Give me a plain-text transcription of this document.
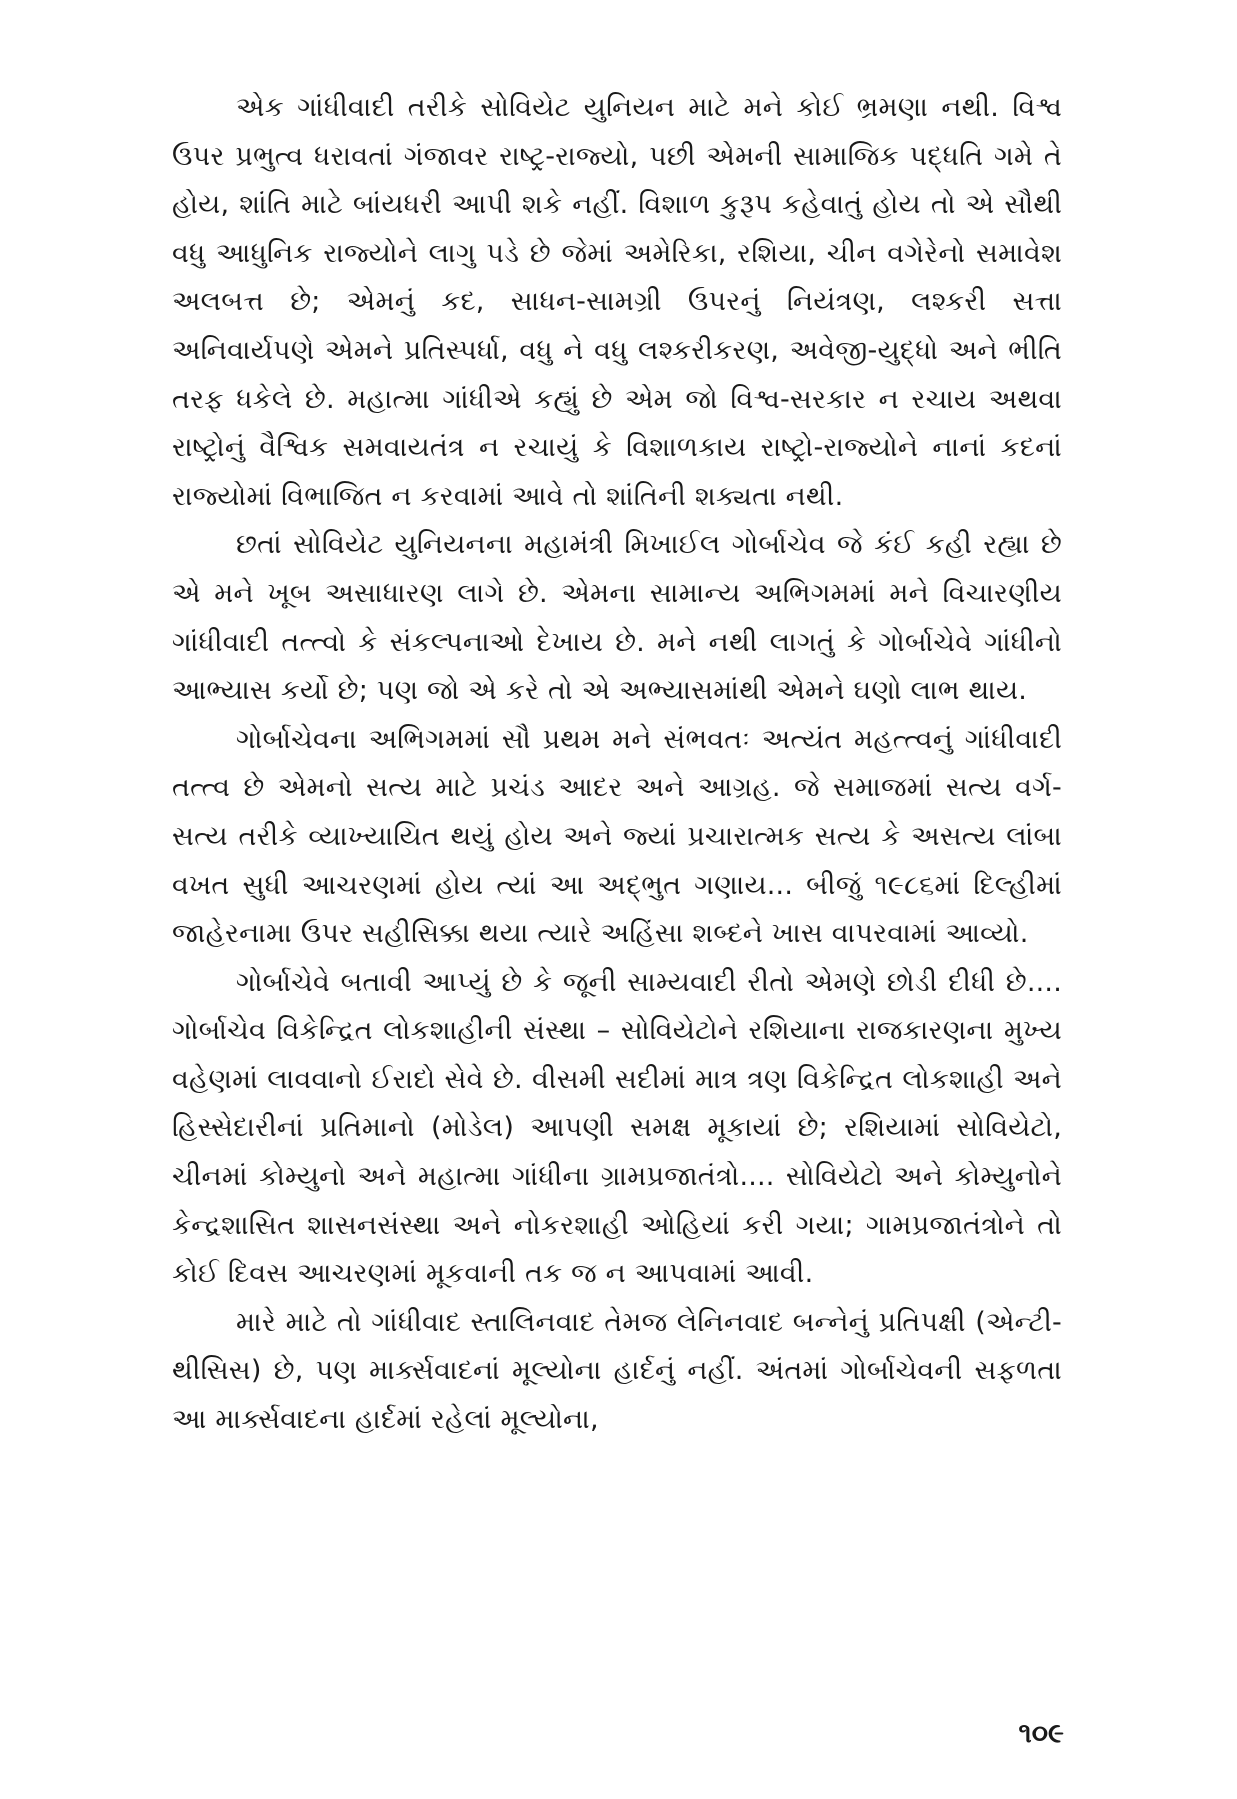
એક ગાંધીવાદી તરીકે સોવિયેટ યુનિયન માટે મને કોઈ ભ્રમણા નથી. વિશ્વ ઉપર પ્રભુત્વ ધરાવતાં ગંજાવર રાષ્ટ્ર-રાજ્યો, પછી એમની સામાજિક પદ્ધતિ ગમે તે હોય, શાંતિ માટે બાંયધરી આપી શકે નહીં. વિશાળ કુરૂપ કહેવાતું હોય તો એ સૌથી વધુ આધુનિક રાજ્યોને લાગુ પડે છે જેમાં અમેરિકા, રશિયા, ચીન વગેરેનો સમાવેશ અલબત્ત છે; એમનું કદ, સાધન-સામગ્રી ઉપરનું નિયંત્રણ, લશ્કરી સત્તા અનિવાર્યપણે એમને પ્રતિસ્પર્ધા, વધુ ને વધુ લશ્કરીકરણ, અવેજી-યુદ્ધો અને ભીતિ તરફ ધકેલે છે. મહાત્મા ગાંધીએ કહ્યું છે એમ જો વિશ્વ-સરકાર ન રચાય અથવા રાષ્ટ્રોનું વૈશ્વિક સમવાયતંત્ર ન રચાયું કે વિશાળકાય રાષ્ટ્રો-રાજ્યોને નાનાં કદનાં રાજ્યોમાં વિભાજિત ન કરવામાં આવે તો શાંતિની શક્યતા નથી.

છતાં સોવિયેટ યુનિયનના મહામંત્રી મિખાઈલ ગોર્બાચેવ જે કંઈ કહી રહ્યા છે એ મને ખૂબ અસાધારણ લાગે છે. એમના સામાન્ય અભિગમમાં મને વિચારણીય ગાંધીવાદી તત્ત્વો કે સંકલ્પનાઓ દેખાય છે. મને નથી લાગતું કે ગોર્બાચેવે ગાંધીનો આભ્યાસ કર્યો છે; પણ જો એ કરે તો એ અભ્યાસમાંથી એમને ઘણો લાભ થાય.

ગોર્બાચેવના અભિગમમાં સૌ પ્રથમ મને સંભવતઃ અત્યંત મહત્ત્વનું ગાંધીવાદી તત્ત્વ છે એમનો સત્ય માટે પ્રચંડ આદર અને આગ્રહ. જે સમાજમાં સત્ય વર્ગ-સત્ય તરીકે વ્યાખ્યાયિત થયું હોય અને જ્યાં પ્રચારાત્મક સત્ય કે અસત્ય લાંબા વખત સુધી આચરણમાં હોય ત્યાં આ અદ્ભુત ગણાય... બીજું ૧૯૮૬માં દિલ્હીમાં જાહેરનામા ઉપર સહીસિક્કા થયા ત્યારે અહિંસા શબ્દને ખાસ વાપરવામાં આવ્યો.

ગોર્બાચેવે બતાવી આપ્યું છે કે જૂની સામ્યવાદી રીતો એમણે છોડી દીધી છે.... ગોર્બાચેવ વિકેન્દ્રિત લોકશાહીની સંસ્થા – સોવિયેટોને રશિયાના રાજકારણના મુખ્ય વહેણમાં લાવવાનો ઈરાદો સેવે છે. વીસમી સદીમાં માત્ર ત્રણ વિકેન્દ્રિત લોકશાહી અને હિસ્સેદારીનાં પ્રતિમાનો (મોડેલ) આપણી સમક્ષ મૂકાયાં છે; રશિયામાં સોવિયેટો, ચીનમાં કોમ્યુનો અને મહાત્મા ગાંધીના ગ્રામપ્રજાતંત્રો.... સોવિયેટો અને કોમ્યુનોને કેન્દ્રશાસિત શાસનસંસ્થા અને નોકરશાહી ઓહિયાં કરી ગયા; ગામપ્રજાતંત્રોને તો કોઈ દિવસ આચરણમાં મૂકવાની તક જ ન આપવામાં આવી.

મારે માટે તો ગાંધીવાદ સ્તાલિનવાદ તેમજ લેનિનવાદ બન્નેનું પ્રતિપક્ષી (એન્ટી-થીસિસ) છે, પણ માર્ક્સવાદનાં મૂલ્યોના હાર્દનું નહીં. અંતમાં ગોર્બાચેવની સફળતા આ માર્ક્સવાદના હાર્દમાં રહેલાં મૂલ્યોના,

૧૦૯
